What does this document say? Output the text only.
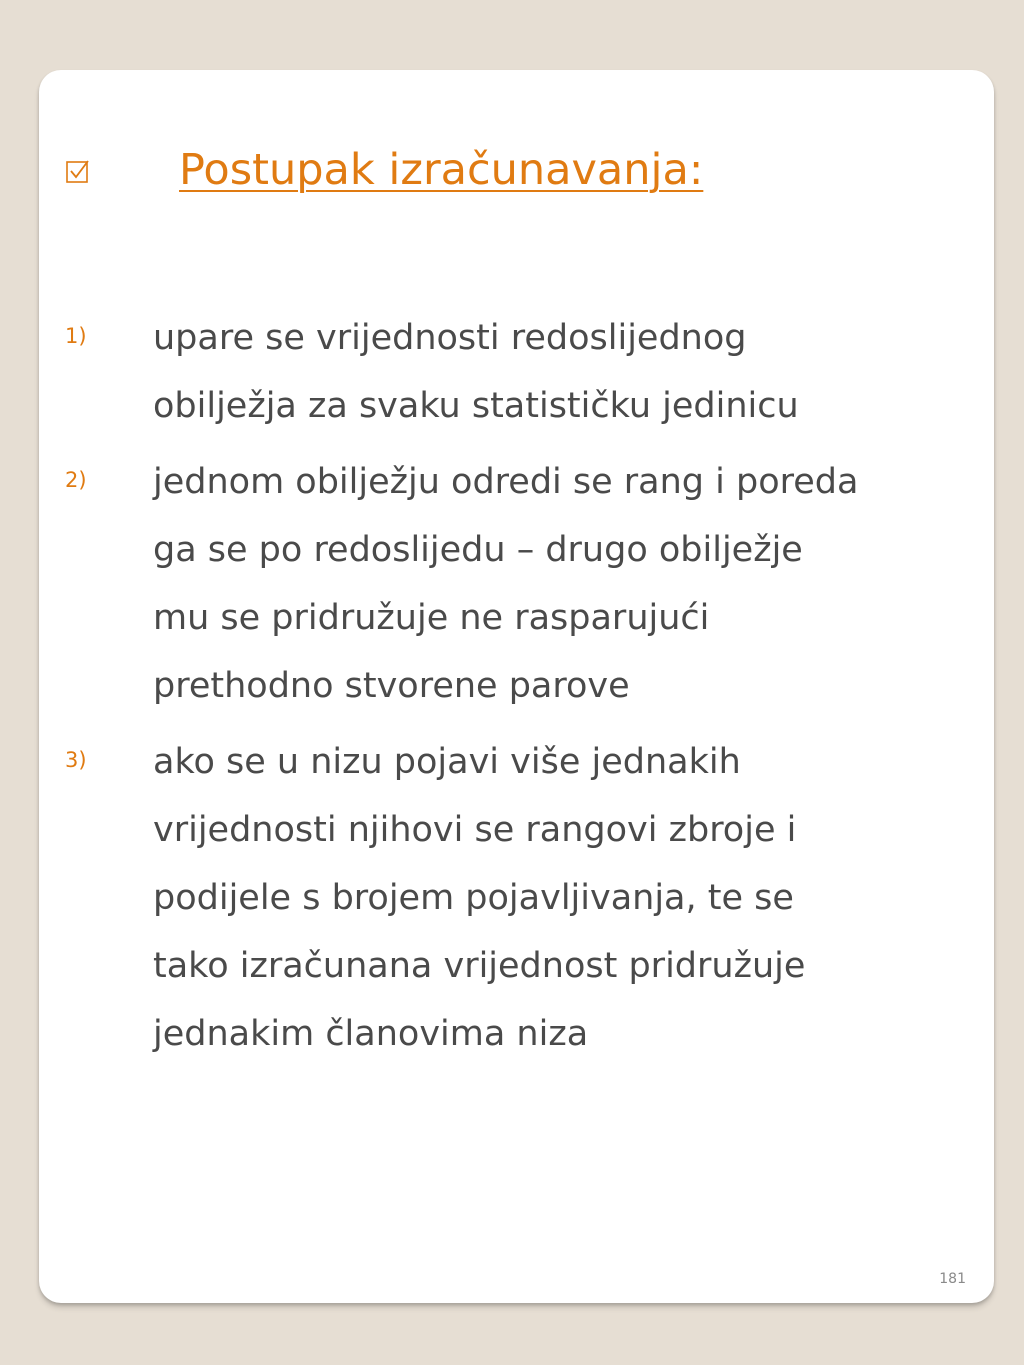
Postupak izračunavanja:
1) upare se vrijednosti redoslijednog
obilježja za svaku statističku jedinicu
2) jednom obilježju odredi se rang i poreda
ga se po redoslijedu – drugo obilježje
mu se pridružuje ne rasparujući
prethodno stvorene parove
3) ako se u nizu pojavi više jednakih
vrijednosti njihovi se rangovi zbroje i
podijele s brojem pojavljivanja, te se
tako izračunana vrijednost pridružuje
jednakim članovima niza
181
